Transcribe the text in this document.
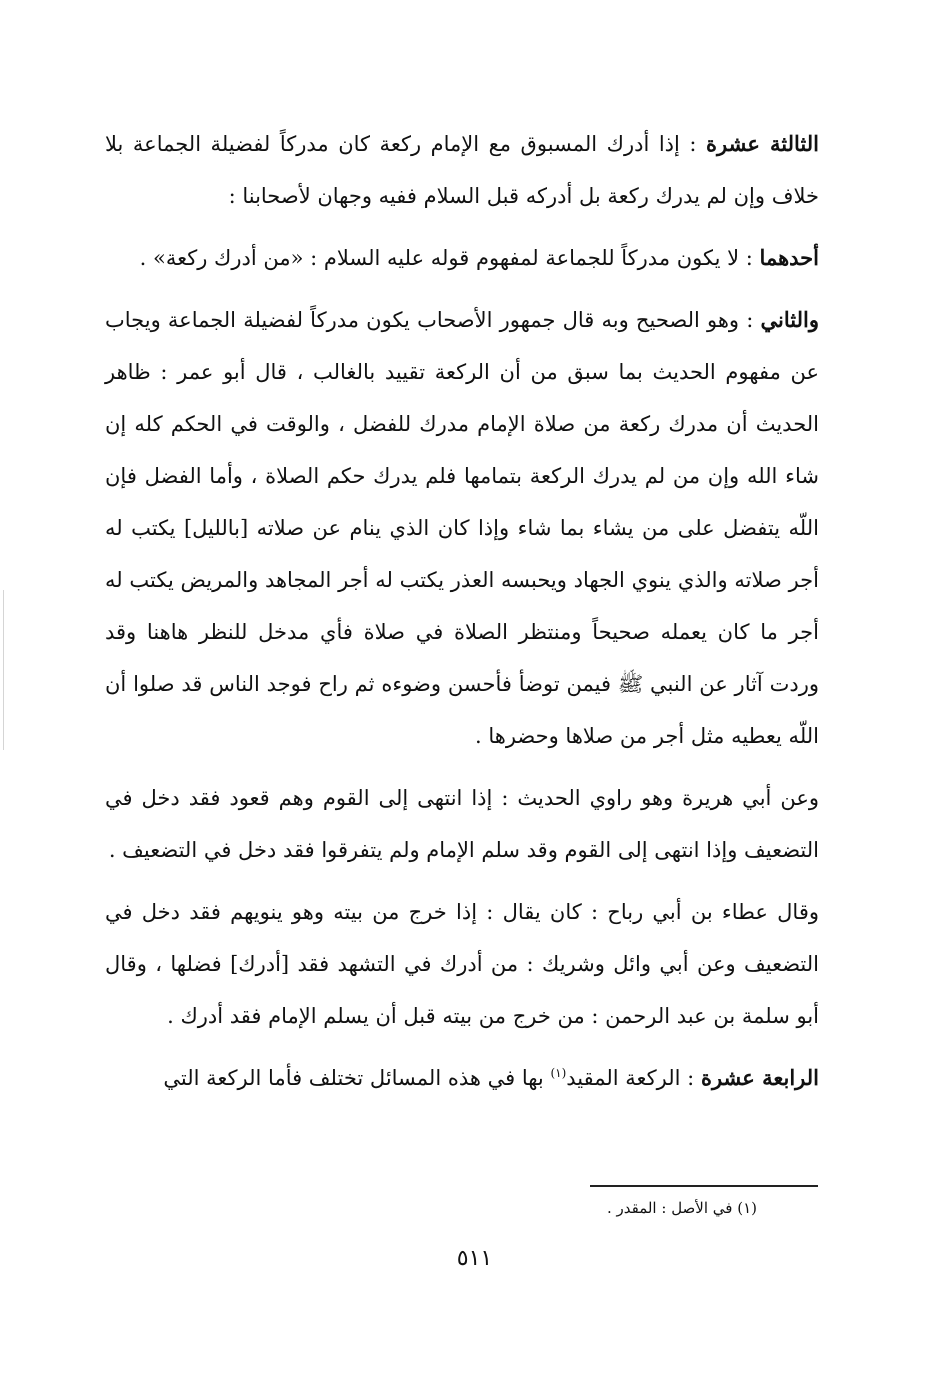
الثالثة عشرة : إذا أدرك المسبوق مع الإمام ركعة كان مدركاً لفضيلة الجماعة بلا خلاف وإن لم يدرك ركعة بل أدركه قبل السلام ففيه وجهان لأصحابنا :

أحدهما : لا يكون مدركاً للجماعة لمفهوم قوله عليه السلام : «من أدرك ركعة» .

والثاني : وهو الصحيح وبه قال جمهور الأصحاب يكون مدركاً لفضيلة الجماعة ويجاب عن مفهوم الحديث بما سبق من أن الركعة تقييد بالغالب ، قال أبو عمر : ظاهر الحديث أن مدرك ركعة من صلاة الإمام مدرك للفضل ، والوقت في الحكم كله إن شاء الله وإن من لم يدرك الركعة بتمامها فلم يدرك حكم الصلاة ، وأما الفضل فإن اللّه يتفضل على من يشاء بما شاء وإذا كان الذي ينام عن صلاته [بالليل] يكتب له أجر صلاته والذي ينوي الجهاد ويحبسه العذر يكتب له أجر المجاهد والمريض يكتب له أجر ما كان يعمله صحيحاً ومنتظر الصلاة في صلاة فأي مدخل للنظر هاهنا وقد وردت آثار عن النبي ﷺ فيمن توضأ فأحسن وضوءه ثم راح فوجد الناس قد صلوا أن اللّه يعطيه مثل أجر من صلاها وحضرها .

وعن أبي هريرة وهو راوي الحديث : إذا انتهى إلى القوم وهم قعود فقد دخل في التضعيف وإذا انتهى إلى القوم وقد سلم الإمام ولم يتفرقوا فقد دخل في التضعيف .

وقال عطاء بن أبي رباح : كان يقال : إذا خرج من بيته وهو ينويهم فقد دخل في التضعيف وعن أبي وائل وشريك : من أدرك في التشهد فقد [أدرك] فضلها ، وقال أبو سلمة بن عبد الرحمن : من خرج من بيته قبل أن يسلم الإمام فقد أدرك .

الرابعة عشرة : الركعة المقيد$^{(١)}$ بها في هذه المسائل تختلف فأما الركعة التي

(١) في الأصل : المقدر .
٥١١
